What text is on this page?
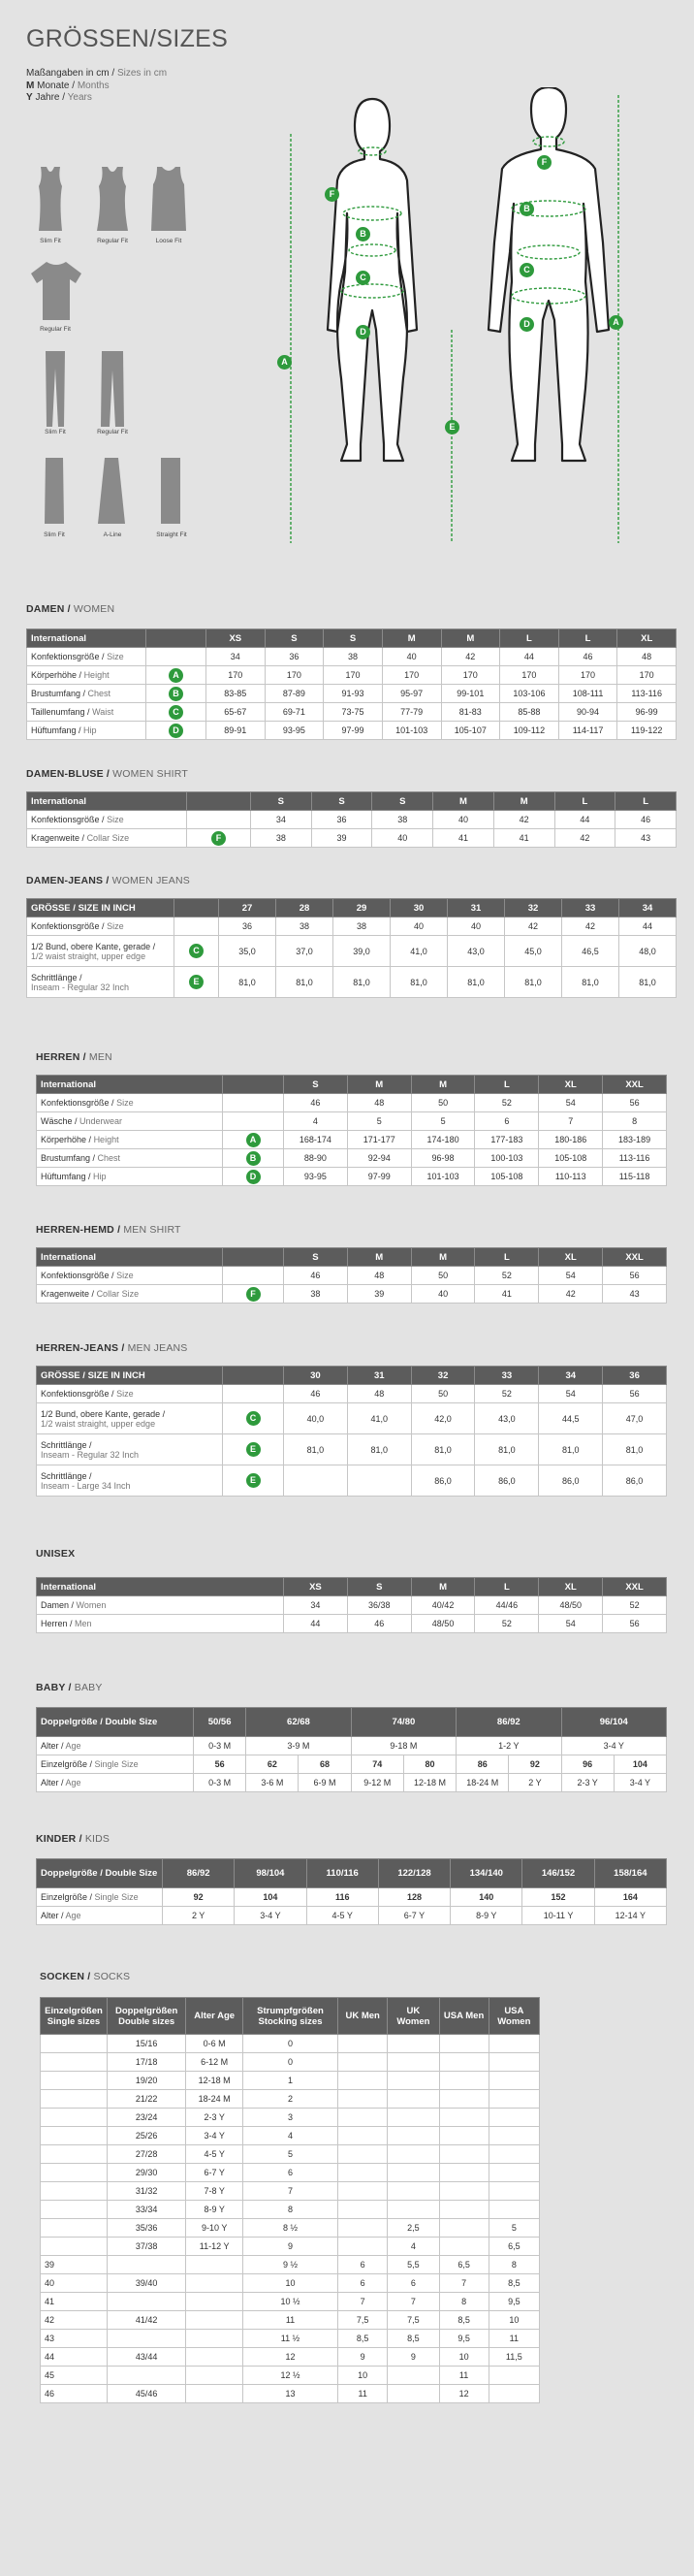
GRÖSSEN/SIZES
Maßangaben in cm / Sizes in cm
M Monate / Months
Y Jahre / Years
Slim Fit	Regular Fit	Loose Fit
Regular Fit
Slim Fit	Regular Fit
Slim Fit	A-Line	Straight Fit
A
F
B
C
D
E
F
B
C
D	A
DAMEN / WOMEN
International		XS	S	S	M	M	L	L	XL
Konfektionsgröße / Size		34	36	38	40	42	44	46	48
Körperhöhe / Height	A	170	170	170	170	170	170	170	170
Brustumfang / Chest	B	83-85	87-89	91-93	95-97	99-101	103-106	108-111	113-116
Taillenumfang / Waist	C	65-67	69-71	73-75	77-79	81-83	85-88	90-94	96-99
Hüftumfang / Hip	D	89-91	93-95	97-99	101-103	105-107	109-112	114-117	119-122
DAMEN-BLUSE / WOMEN SHIRT
International		S	S	S	M	M	L	L
Konfektionsgröße / Size		34	36	38	40	42	44	46
Kragenweite / Collar Size	F	38	39	40	41	41	42	43
DAMEN-JEANS / WOMEN JEANS
GRÖSSE / SIZE IN INCH		27	28	29	30	31	32	33	34
Konfektionsgröße / Size		36	38	38	40	40	42	42	44
1/2 Bund, obere Kante, gerade /
1/2 waist straight, upper edge	C	35,0	37,0	39,0	41,0	43,0	45,0	46,5	48,0
Schrittlänge /
Inseam - Regular 32 Inch	E	81,0	81,0	81,0	81,0	81,0	81,0	81,0	81,0
HERREN / MEN
International		S	M	M	L	XL	XXL
Konfektionsgröße / Size		46	48	50	52	54	56
Wäsche / Underwear		4	5	5	6	7	8
Körperhöhe / Height	A	168-174	171-177	174-180	177-183	180-186	183-189
Brustumfang / Chest	B	88-90	92-94	96-98	100-103	105-108	113-116
Hüftumfang / Hip	D	93-95	97-99	101-103	105-108	110-113	115-118
HERREN-HEMD / MEN SHIRT
International		S	M	M	L	XL	XXL
Konfektionsgröße / Size		46	48	50	52	54	56
Kragenweite / Collar Size	F	38	39	40	41	42	43
HERREN-JEANS / MEN JEANS
GRÖSSE / SIZE IN INCH		30	31	32	33	34	36
Konfektionsgröße / Size		46	48	50	52	54	56
1/2 Bund, obere Kante, gerade /
1/2 waist straight, upper edge	C	40,0	41,0	42,0	43,0	44,5	47,0
Schrittlänge /
Inseam - Regular 32 Inch	E	81,0	81,0	81,0	81,0	81,0	81,0
Schrittlänge /
Inseam - Large 34 Inch	E			86,0	86,0	86,0	86,0
UNISEX
International	XS	S	M	L	XL	XXL
Damen / Women	34	36/38	40/42	44/46	48/50	52
Herren / Men	44	46	48/50	52	54	56
BABY / BABY
Doppelgröße / Double Size	50/56	62/68		74/80		86/92		96/104	
Alter / Age	0-3 M	3-9 M		9-18 M		1-2 Y		3-4 Y	
Einzelgröße / Single Size	56	62	68	74	80	86	92	96	104
Alter / Age	0-3 M	3-6 M	6-9 M	9-12 M	12-18 M	18-24 M	2 Y	2-3 Y	3-4 Y
KINDER / KIDS
Doppelgröße / Double Size	86/92	98/104	110/116	122/128	134/140	146/152	158/164
Einzelgröße / Single Size	92	104	116	128	140	152	164
Alter / Age	2 Y	3-4 Y	4-5 Y	6-7 Y	8-9 Y	10-11 Y	12-14 Y
SOCKEN / SOCKS
Einzelgrößen Single sizes	Doppelgrößen Double sizes	Alter Age	Strumpfgrößen Stocking sizes	UK Men	UK Women	USA Men	USA Women
	15/16	0-6 M	0				
	17/18	6-12 M	0				
	19/20	12-18 M	1				
	21/22	18-24 M	2				
	23/24	2-3 Y	3				
	25/26	3-4 Y	4				
	27/28	4-5 Y	5				
	29/30	6-7 Y	6				
	31/32	7-8 Y	7				
	33/34	8-9 Y	8				
	35/36	9-10 Y	8 ½		2,5		5
	37/38	11-12 Y	9		4		6,5
39			9 ½	6	5,5	6,5	8
40	39/40		10	6	6	7	8,5
41			10 ½	7	7	8	9,5
42	41/42		11	7,5	7,5	8,5	10
43			11 ½	8,5	8,5	9,5	11
44	43/44		12	9	9	10	11,5
45			12 ½	10		11	
46	45/46		13	11		12	
